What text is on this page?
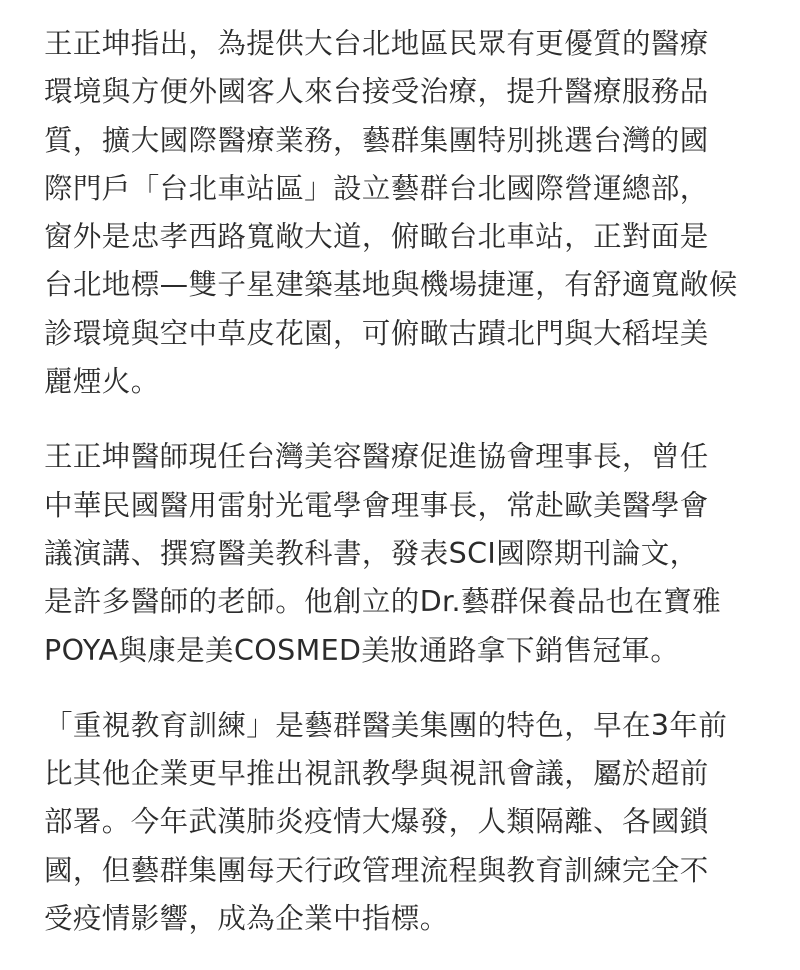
王正坤指出，為提供大台北地區民眾有更優質的醫療
環境與方便外國客人來台接受治療，提升醫療服務品
質，擴大國際醫療業務，藝群集團特別挑選台灣的國
際門戶「台北車站區」設立藝群台北國際營運總部，
窗外是忠孝西路寬敞大道，俯瞰台北車站，正對面是
台北地標—雙子星建築基地與機場捷運，有舒適寬敞候
診環境與空中草皮花園，可俯瞰古蹟北門與大稻埕美
麗煙火。

王正坤醫師現任台灣美容醫療促進協會理事長，曾任
中華民國醫用雷射光電學會理事長，常赴歐美醫學會
議演講、撰寫醫美教科書，發表SCI國際期刊論文，
是許多醫師的老師。他創立的Dr.藝群保養品也在寶雅
POYA與康是美COSMED美妝通路拿下銷售冠軍。

「重視教育訓練」是藝群醫美集團的特色，早在3年前
比其他企業更早推出視訊教學與視訊會議，屬於超前
部署。今年武漢肺炎疫情大爆發，人類隔離、各國鎖
國，但藝群集團每天行政管理流程與教育訓練完全不
受疫情影響，成為企業中指標。
